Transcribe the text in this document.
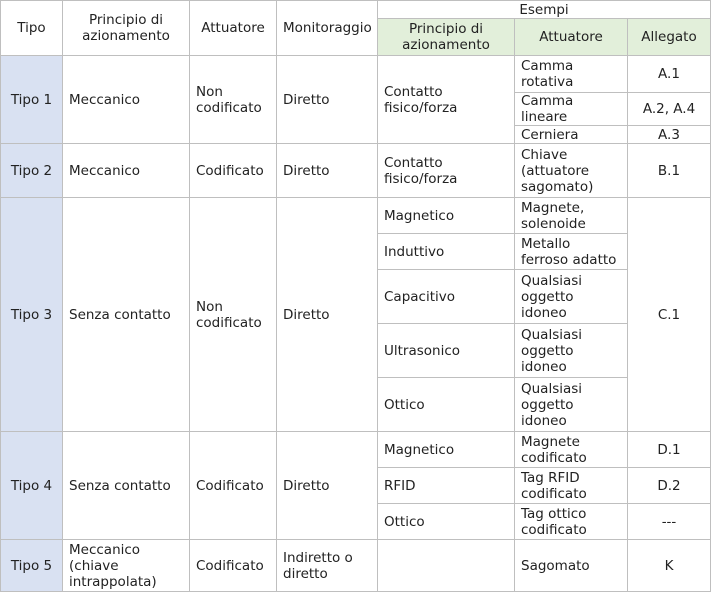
Tipo	Principio di azionamento	Attuatore	Monitoraggio	Esempi		
				Principio di azionamento	Attuatore	Allegato
Tipo 1	Meccanico	Non codificato	Diretto	Contatto fisico/forza	Camma rotativa	A.1
					Camma lineare	A.2, A.4
					Cerniera	A.3
Tipo 2	Meccanico	Codificato	Diretto	Contatto fisico/forza	Chiave (attuatore sagomato)	B.1
Tipo 3	Senza contatto	Non codificato	Diretto	Magnetico	Magnete, solenoide	C.1
				Induttivo	Metallo ferroso adatto	
				Capacitivo	Qualsiasi oggetto idoneo	
				Ultrasonico	Qualsiasi oggetto idoneo	
				Ottico	Qualsiasi oggetto idoneo	
Tipo 4	Senza contatto	Codificato	Diretto	Magnetico	Magnete codificato	D.1
				RFID	Tag RFID codificato	D.2
				Ottico	Tag ottico codificato	---
Tipo 5	Meccanico (chiave intrappolata)	Codificato	Indiretto o diretto		Sagomato	K
